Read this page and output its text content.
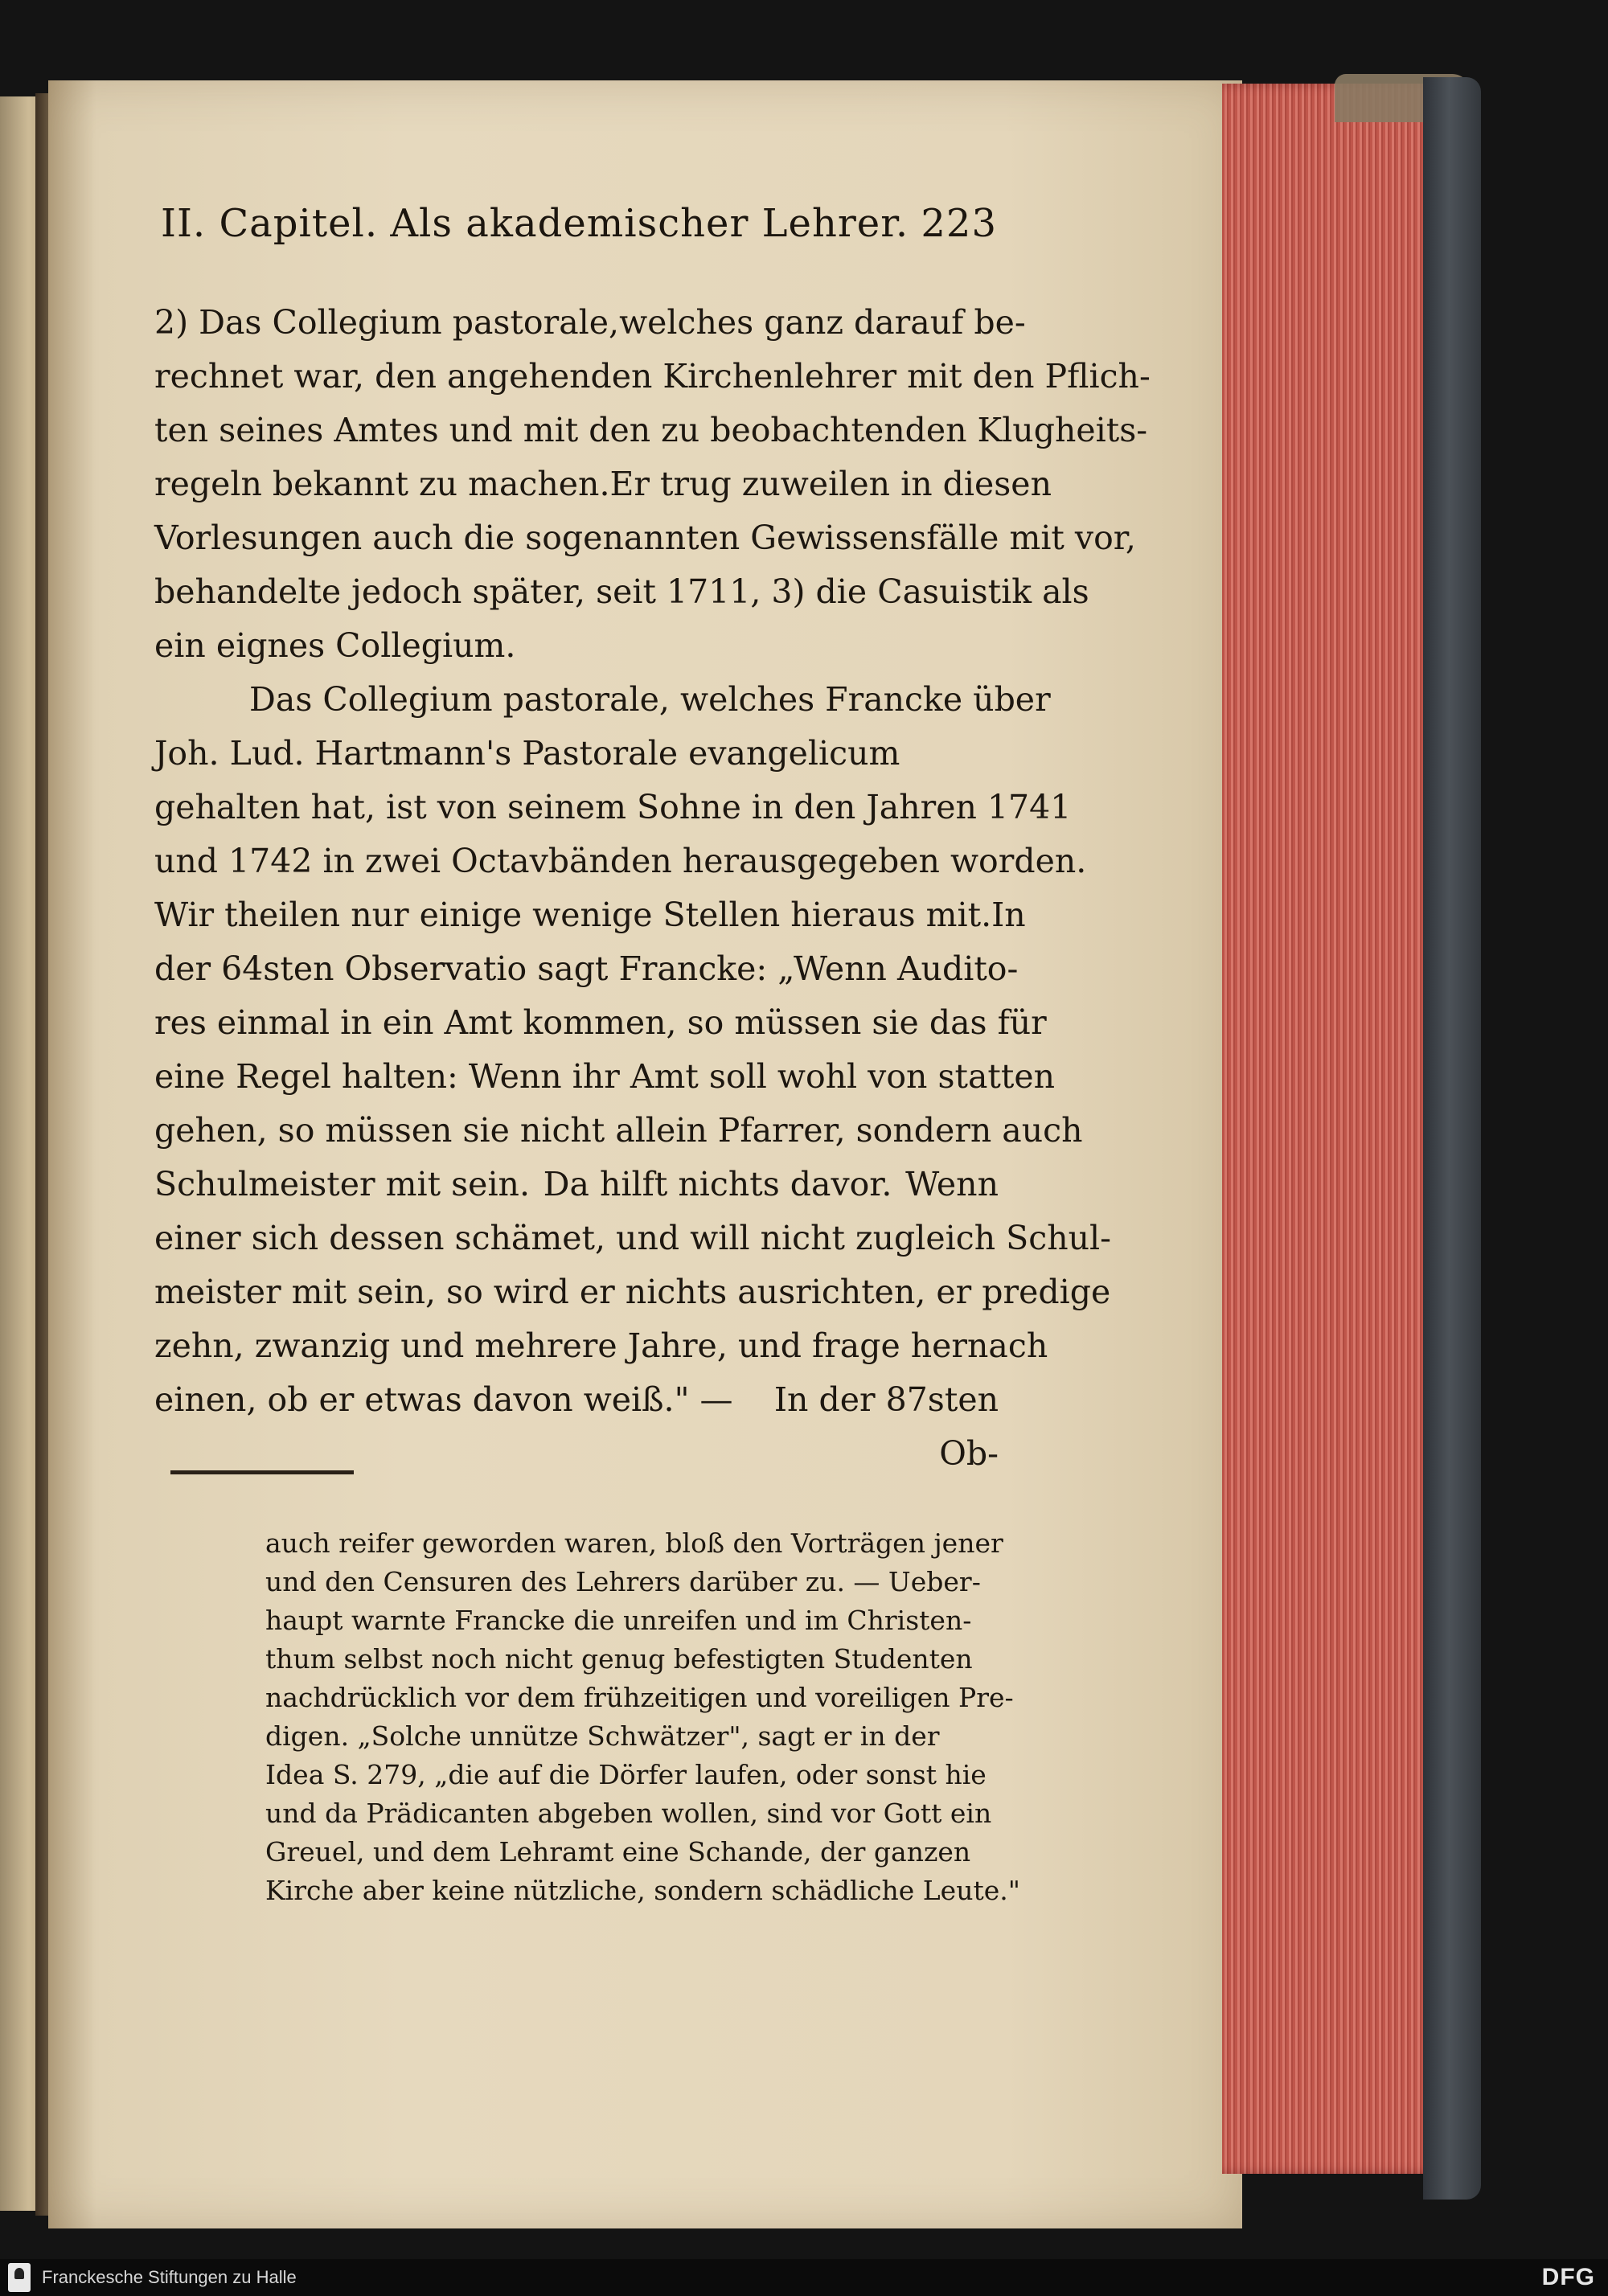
II. Capitel. Als akademischer Lehrer. 223
2) Das Collegium pastorale, welches ganz darauf be-
rechnet war, den angehenden Kirchenlehrer mit den Pflich-
ten seines Amtes und mit den zu beobachtenden Klugheits-
regeln bekannt zu machen. Er trug zuweilen in diesen
Vorlesungen auch die sogenannten Gewissensfälle mit vor,
behandelte jedoch später, seit 1711, 3) die Casuistik als
ein eignes Collegium.
Das Collegium pastorale, welches Francke über
Joh. Lud. Hartmann's Pastorale evangelicum
gehalten hat, ist von seinem Sohne in den Jahren 1741
und 1742 in zwei Octavbänden herausgegeben worden.
Wir theilen nur einige wenige Stellen hieraus mit. In
der 64sten Observatio sagt Francke: „Wenn Audito-
res einmal in ein Amt kommen, so müssen sie das für
eine Regel halten: Wenn ihr Amt soll wohl von statten
gehen, so müssen sie nicht allein Pfarrer, sondern auch
Schulmeister mit sein. Da hilft nichts davor. Wenn
einer sich dessen schämet, und will nicht zugleich Schul-
meister mit sein, so wird er nichts ausrichten, er predige
zehn, zwanzig und mehrere Jahre, und frage hernach
einen, ob er etwas davon weiß." — In der 87sten
Ob-
auch reifer geworden waren, bloß den Vorträgen jener
und den Censuren des Lehrers darüber zu. — Ueber-
haupt warnte Francke die unreifen und im Christen-
thum selbst noch nicht genug befestigten Studenten
nachdrücklich vor dem frühzeitigen und voreiligen Pre-
digen. „Solche unnütze Schwätzer", sagt er in der
Idea S. 279, „die auf die Dörfer laufen, oder sonst hie
und da Prädicanten abgeben wollen, sind vor Gott ein
Greuel, und dem Lehramt eine Schande, der ganzen
Kirche aber keine nützliche, sondern schädliche Leute."
Franckesche Stiftungen zu Halle	DFG
